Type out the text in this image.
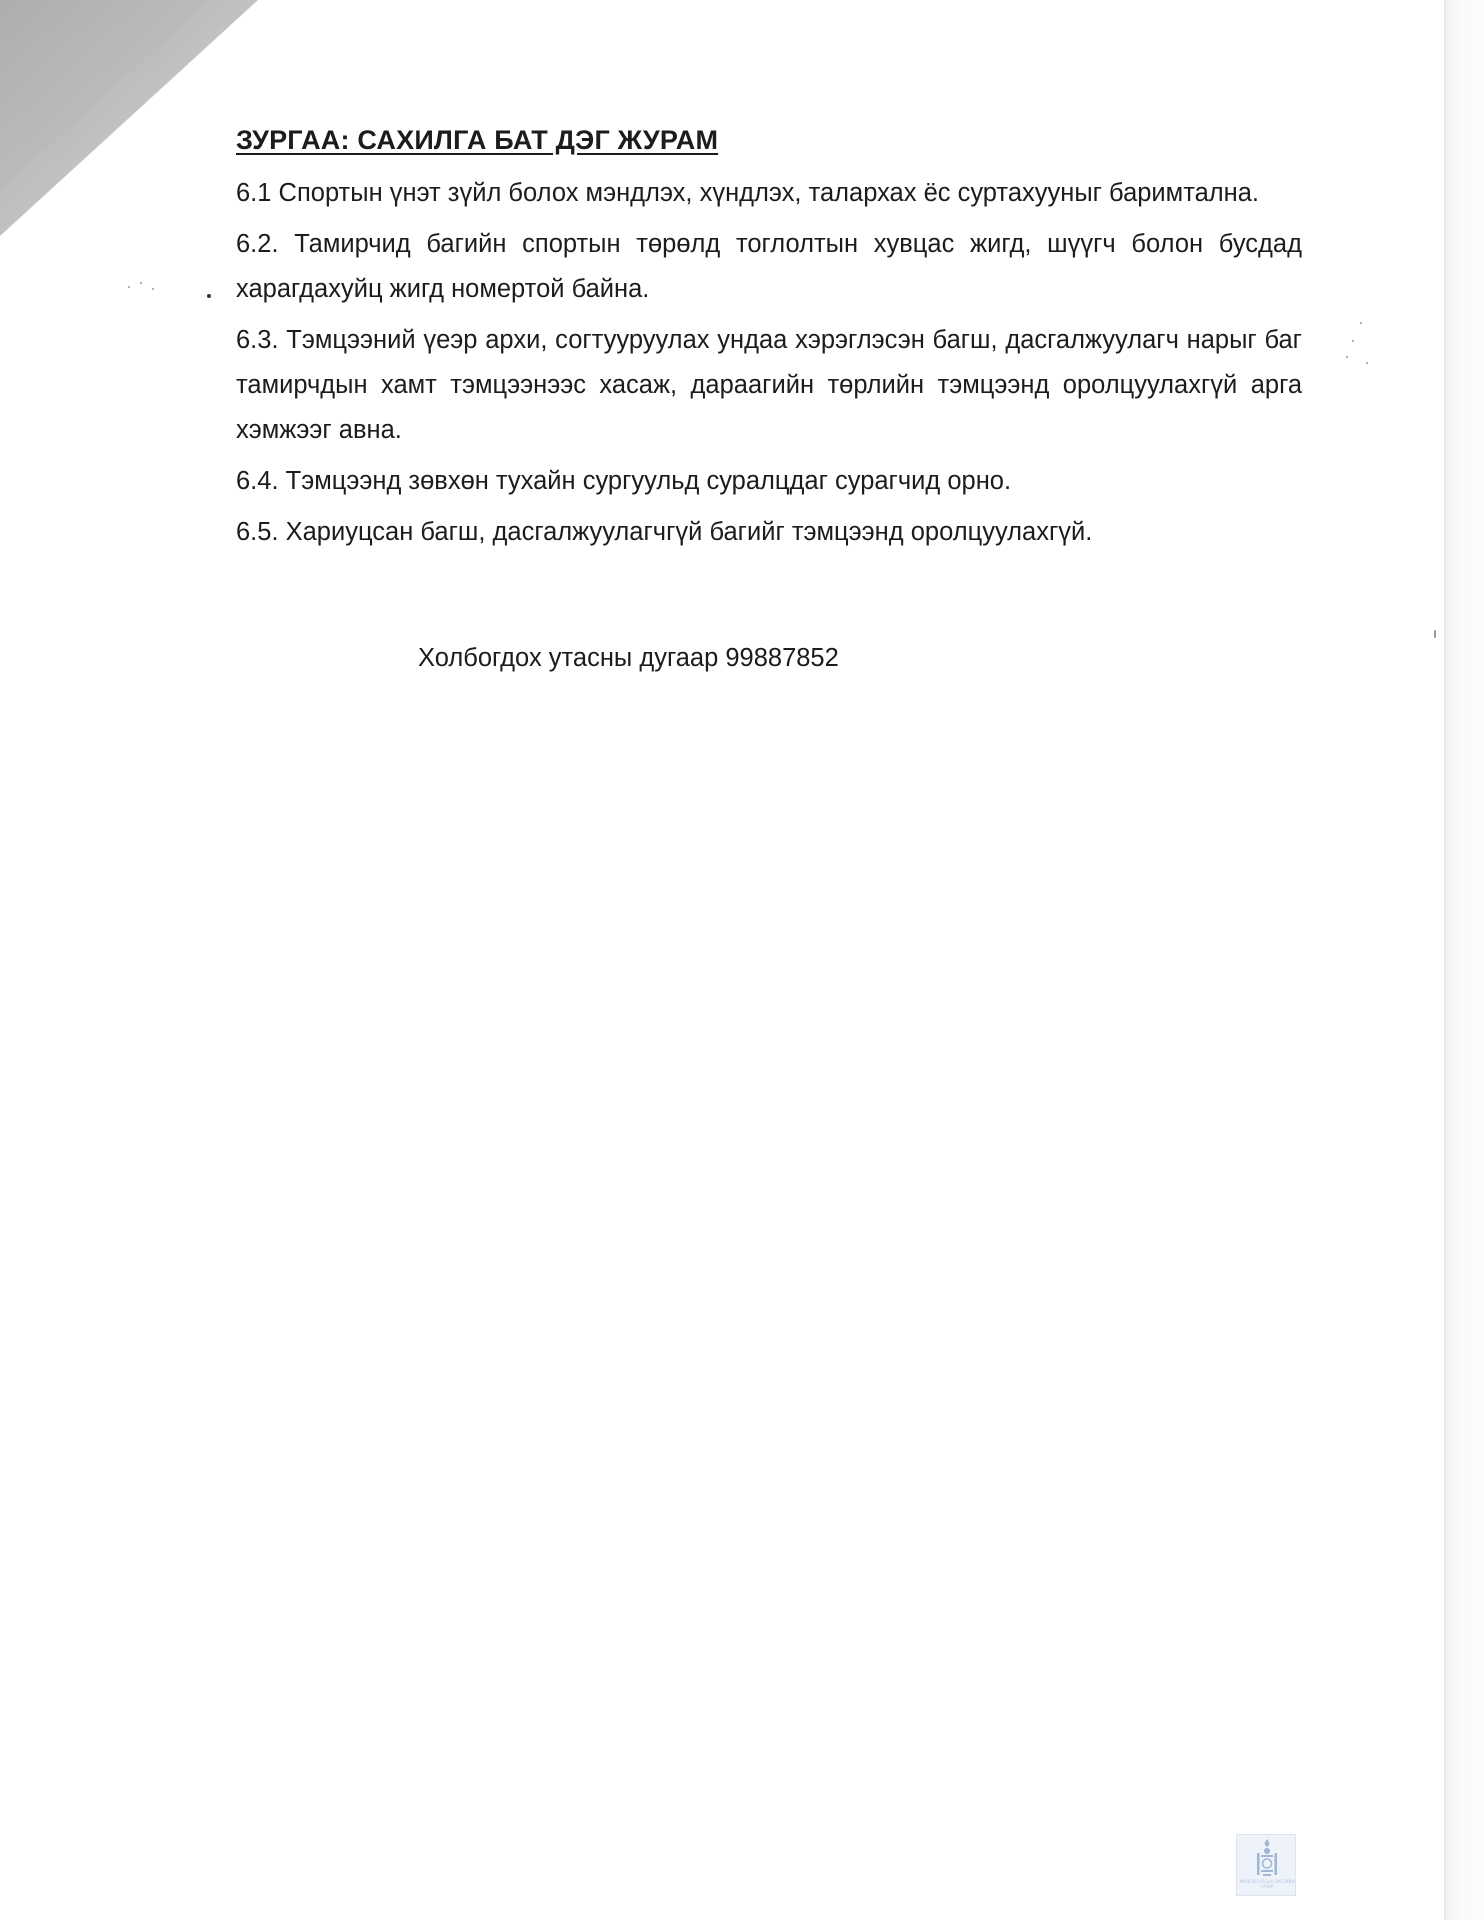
ЗУРГАА: САХИЛГА БАТ ДЭГ ЖУРАМ

6.1 Спортын үнэт зүйл болох мэндлэх, хүндлэх, талархах ёс суртахууныг баримтална.

6.2. Тамирчид багийн спортын төрөлд тоглолтын хувцас жигд, шүүгч болон бусдад харагдахуйц жигд номертой байна.

6.3. Тэмцээний үеэр архи, согтууруулах ундаа хэрэглэсэн багш, дасгалжуулагч нарыг баг тамирчдын хамт тэмцээнээс хасаж, дараагийн төрлийн тэмцээнд оролцуулахгүй арга хэмжээг авна.

6.4. Тэмцээнд зөвхөн тухайн сургуульд суралцдаг сурагчид орно.

6.5. Хариуцсан багш, дасгалжуулагчгүй багийг тэмцээнд оролцуулахгүй.

Холбогдох утасны дугаар 99887852
МОНГОЛ УЛСЫН ЗАСГИЙН ГАЗАР
